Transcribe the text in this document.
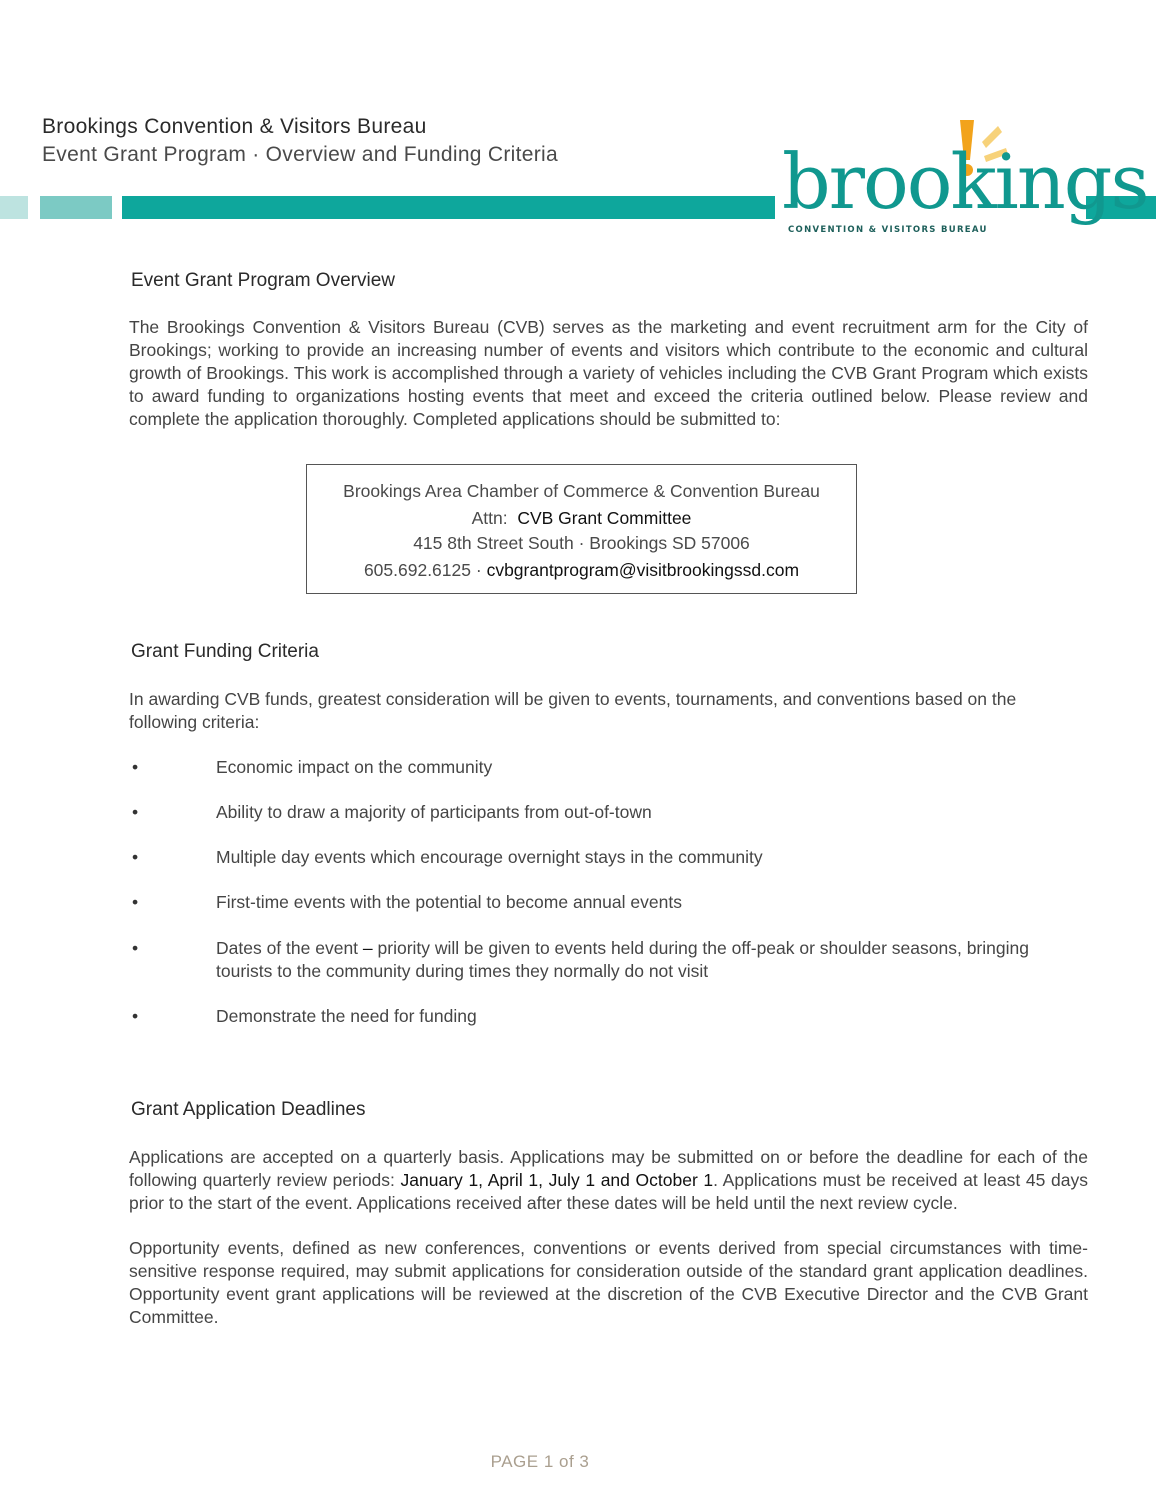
Brookings Convention & Visitors Bureau
Event Grant Program · Overview and Funding Criteria	brookings
CONVENTION & VISITORS BUREAU
Event Grant Program Overview
The Brookings Convention & Visitors Bureau (CVB) serves as the marketing and event recruitment arm for the City of Brookings; working to provide an increasing number of events and visitors which contribute to the economic and cultural growth of Brookings. This work is accomplished through a variety of vehicles including the CVB Grant Program which exists to award funding to organizations hosting events that meet and exceed the criteria outlined below. Please review and complete the application thoroughly. Completed applications should be submitted to:
Brookings Area Chamber of Commerce & Convention Bureau
Attn: CVB Grant Committee
415 8th Street South · Brookings SD 57006
605.692.6125 · cvbgrantprogram@visitbrookingssd.com
Grant Funding Criteria
In awarding CVB funds, greatest consideration will be given to events, tournaments, and conventions based on the following criteria:
•	Economic impact on the community
•	Ability to draw a majority of participants from out-of-town
•	Multiple day events which encourage overnight stays in the community
•	First-time events with the potential to become annual events
•	Dates of the event – priority will be given to events held during the off-peak or shoulder seasons, bringing tourists to the community during times they normally do not visit
•	Demonstrate the need for funding
Grant Application Deadlines
Applications are accepted on a quarterly basis. Applications may be submitted on or before the deadline for each of the following quarterly review periods: January 1, April 1, July 1 and October 1. Applications must be received at least 45 days prior to the start of the event. Applications received after these dates will be held until the next review cycle.
Opportunity events, defined as new conferences, conventions or events derived from special circumstances with time-sensitive response required, may submit applications for consideration outside of the standard grant application deadlines. Opportunity event grant applications will be reviewed at the discretion of the CVB Executive Director and the CVB Grant Committee.
PAGE 1 of 3
